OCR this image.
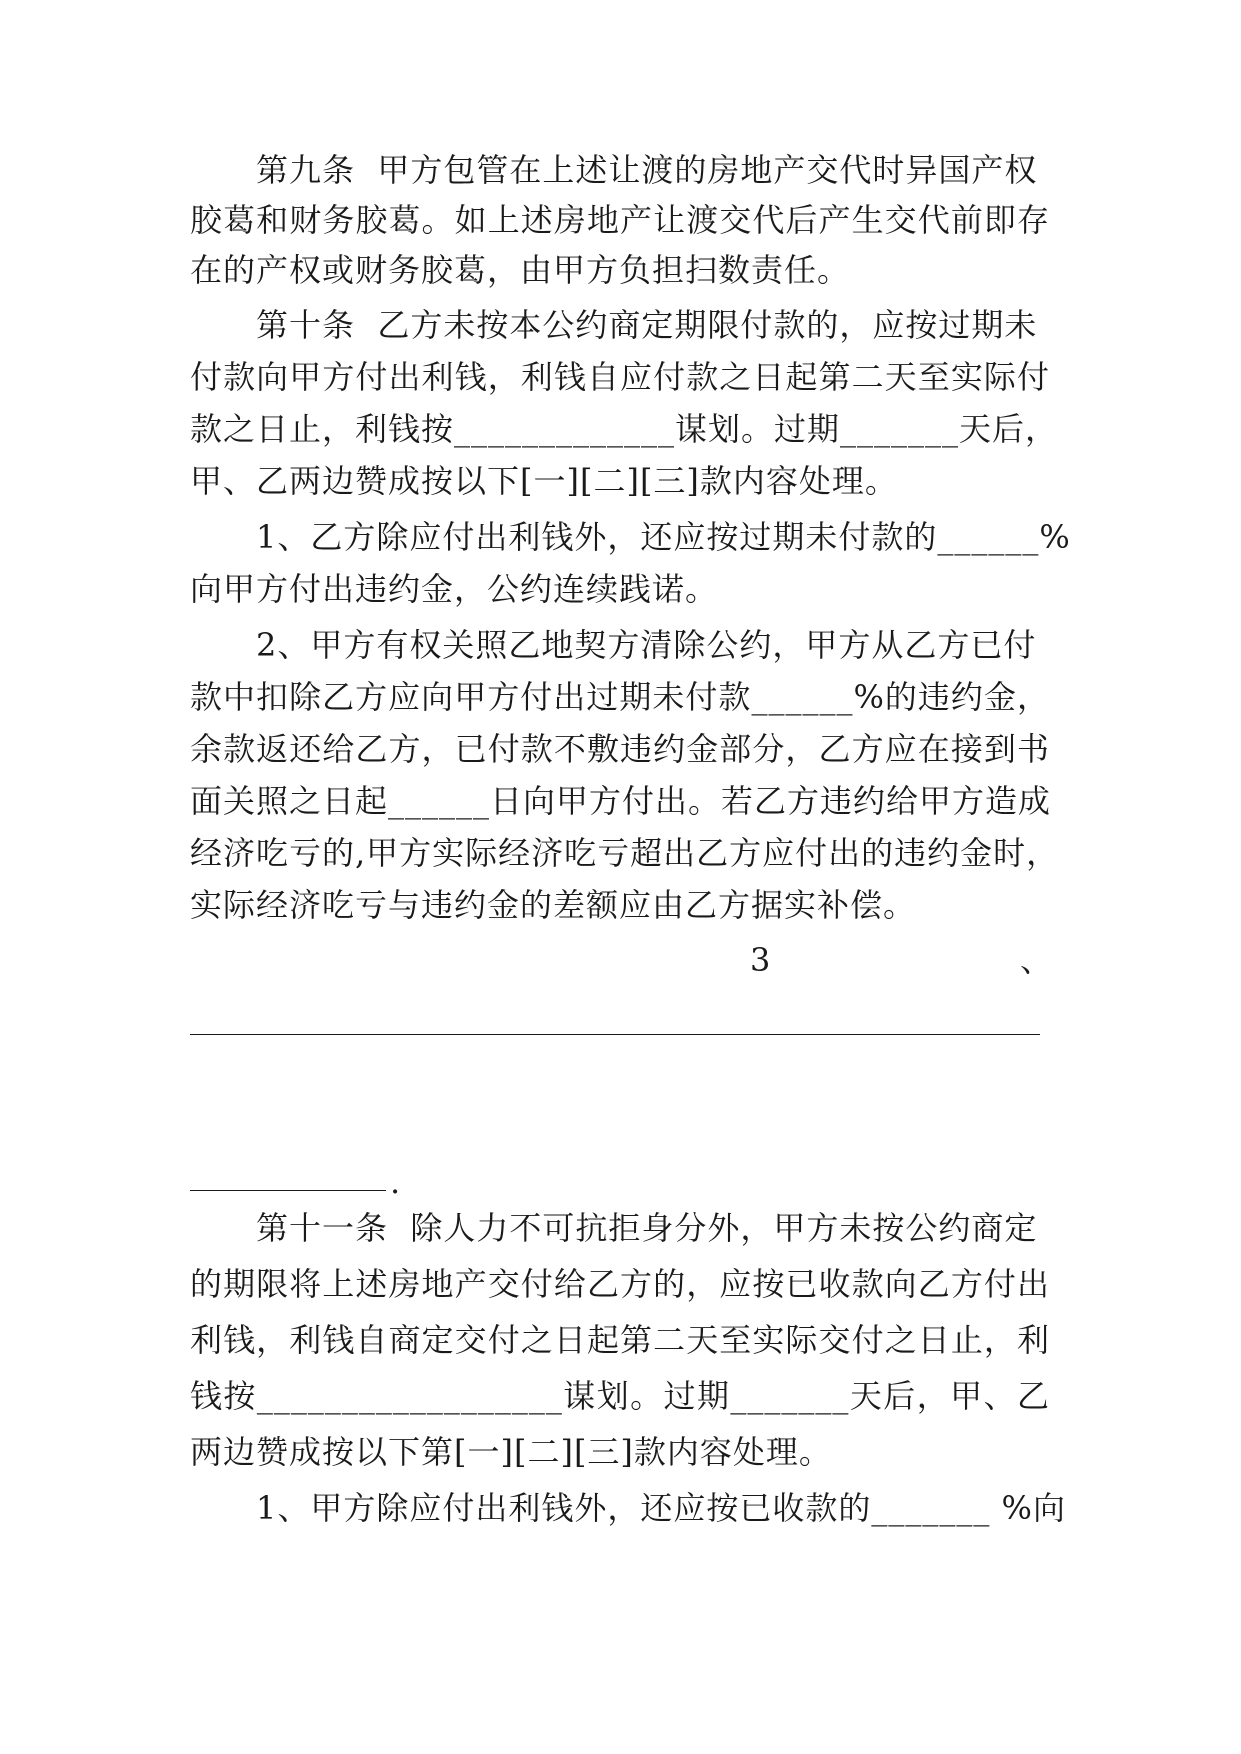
第九条  甲方包管在上述让渡的房地产交代时异国产权
胶葛和财务胶葛。如上述房地产让渡交代后产生交代前即存
在的产权或财务胶葛，由甲方负担扫数责任。
第十条  乙方未按本公约商定期限付款的，应按过期未
付款向甲方付出利钱，利钱自应付款之日起第二天至实际付
款之日止，利钱按_____________谋划。过期_______天后，
甲、乙两边赞成按以下[一][二][三]款内容处理。
1、乙方除应付出利钱外，还应按过期未付款的______%
向甲方付出违约金，公约连续践诺。
2、甲方有权关照乙地契方清除公约，甲方从乙方已付
款中扣除乙方应向甲方付出过期未付款______%的违约金，
余款返还给乙方，已付款不敷违约金部分，乙方应在接到书
面关照之日起______日向甲方付出。若乙方违约给甲方造成
经济吃亏的,甲方实际经济吃亏超出乙方应付出的违约金时，
实际经济吃亏与违约金的差额应由乙方据实补偿。
3	、
.
第十一条  除人力不可抗拒身分外，甲方未按公约商定
的期限将上述房地产交付给乙方的，应按已收款向乙方付出
利钱，利钱自商定交付之日起第二天至实际交付之日止，利
钱按__________________谋划。过期_______天后，甲、乙
两边赞成按以下第[一][二][三]款内容处理。
1、甲方除应付出利钱外，还应按已收款的_______ %向
